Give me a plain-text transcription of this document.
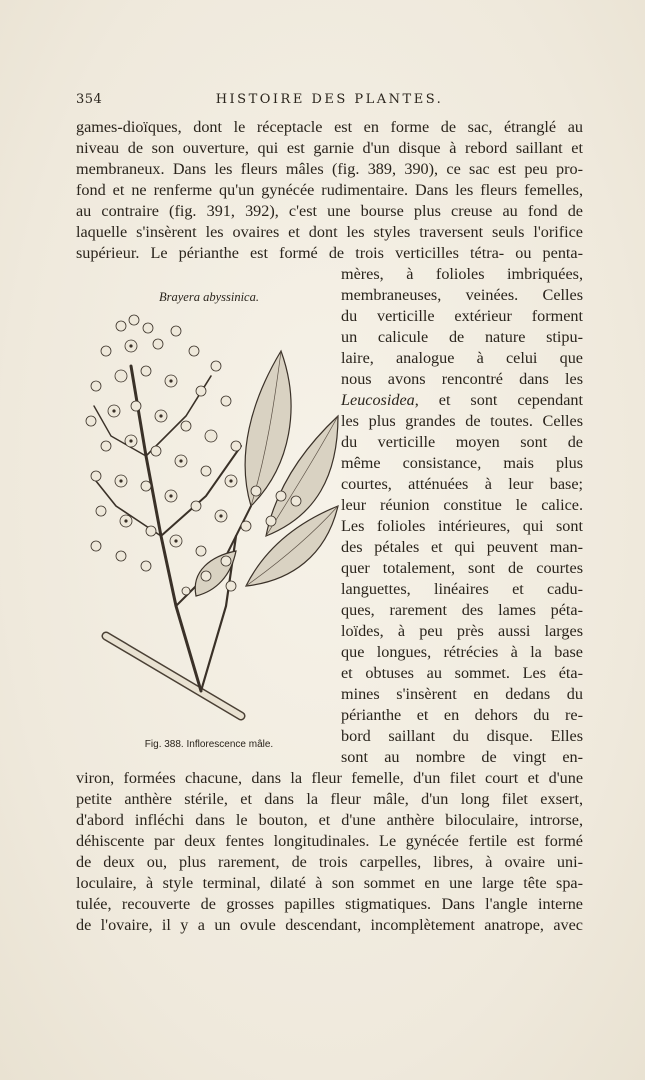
354	HISTOIRE DES PLANTES.
games-dioïques, dont le réceptacle est en forme de sac, étranglé au
niveau de son ouverture, qui est garnie d'un disque à rebord saillant et
membraneux. Dans les fleurs mâles (fig. 389, 390), ce sac est peu pro-
fond et ne renferme qu'un gynécée rudimentaire. Dans les fleurs femelles,
au contraire (fig. 391, 392), c'est une bourse plus creuse au fond de
laquelle s'insèrent les ovaires et dont les styles traversent seuls l'orifice
supérieur. Le périanthe est formé de trois verticilles tétra- ou penta-
Brayera abyssinica.
Fig. 388. Inflorescence mâle.
mères, à folioles imbriquées,
membraneuses, veinées. Celles
du verticille extérieur forment
un calicule de nature stipu-
laire, analogue à celui que
nous avons rencontré dans les
Leucosidea, et sont cependant
les plus grandes de toutes. Celles
du verticille moyen sont de
même consistance, mais plus
courtes, atténuées à leur base;
leur réunion constitue le calice.
Les folioles intérieures, qui sont
des pétales et qui peuvent man-
quer totalement, sont de courtes
languettes, linéaires et cadu-
ques, rarement des lames péta-
loïdes, à peu près aussi larges
que longues, rétrécies à la base
et obtuses au sommet. Les éta-
mines s'insèrent en dedans du
périanthe et en dehors du re-
bord saillant du disque. Elles
sont au nombre de vingt en-
viron, formées chacune, dans la fleur femelle, d'un filet court et d'une
petite anthère stérile, et dans la fleur mâle, d'un long filet exsert,
d'abord infléchi dans le bouton, et d'une anthère biloculaire, introrse,
déhiscente par deux fentes longitudinales. Le gynécée fertile est formé
de deux ou, plus rarement, de trois carpelles, libres, à ovaire uni-
loculaire, à style terminal, dilaté à son sommet en une large tête spa-
tulée, recouverte de grosses papilles stigmatiques. Dans l'angle interne
de l'ovaire, il y a un ovule descendant, incomplètement anatrope, avec
